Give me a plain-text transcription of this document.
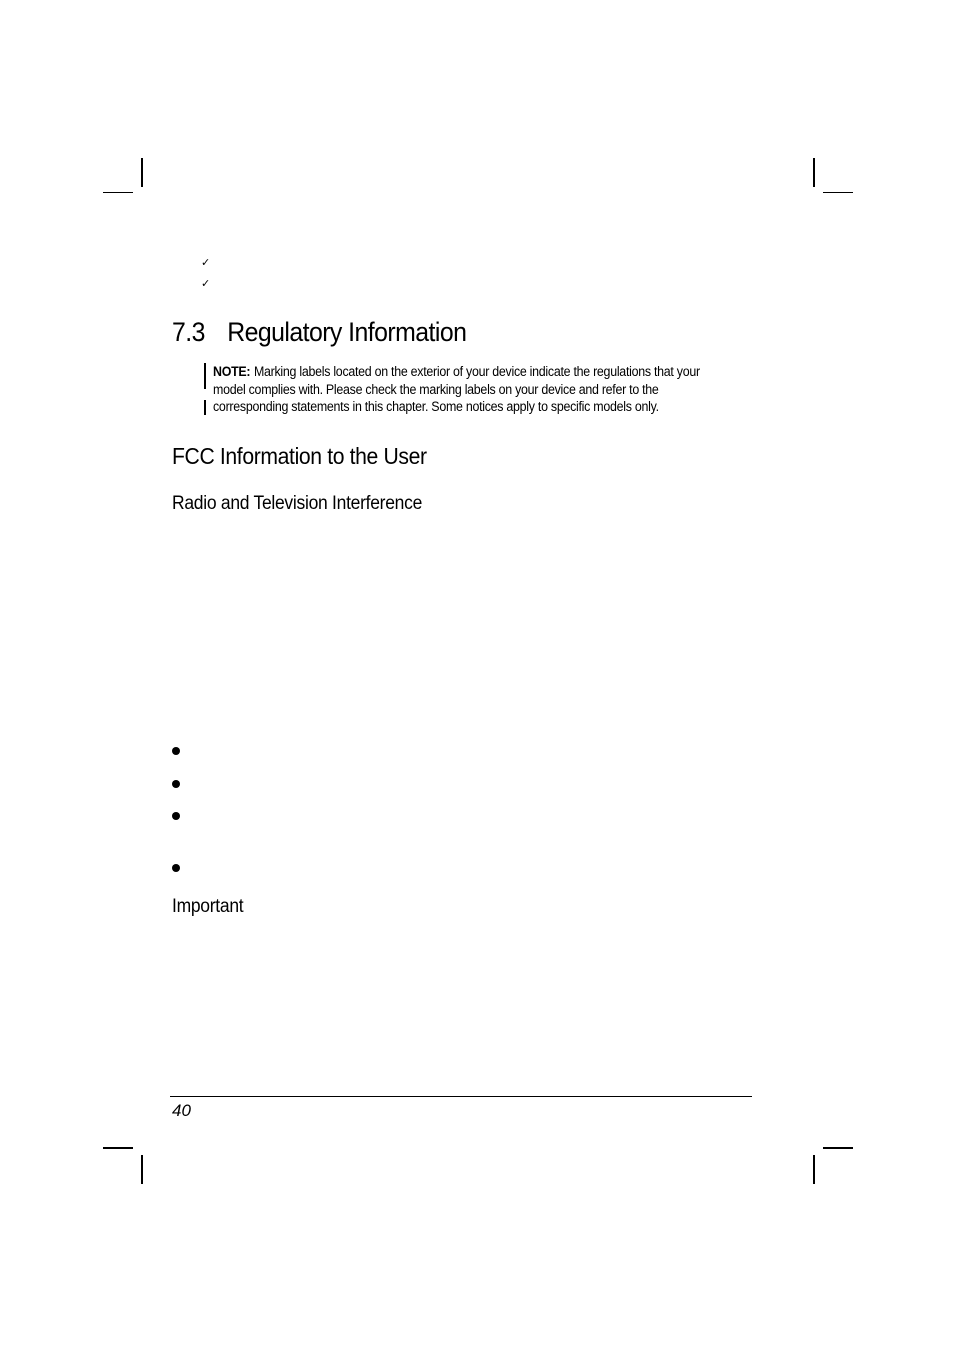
✓
✓
7.3 Regulatory Information
NOTE: Marking labels located on the exterior of your device indicate the regulations that your
model complies with. Please check the marking labels on your device and refer to the
corresponding statements in this chapter. Some notices apply to specific models only.
FCC Information to the User
Radio and Television Interference
Important
40
